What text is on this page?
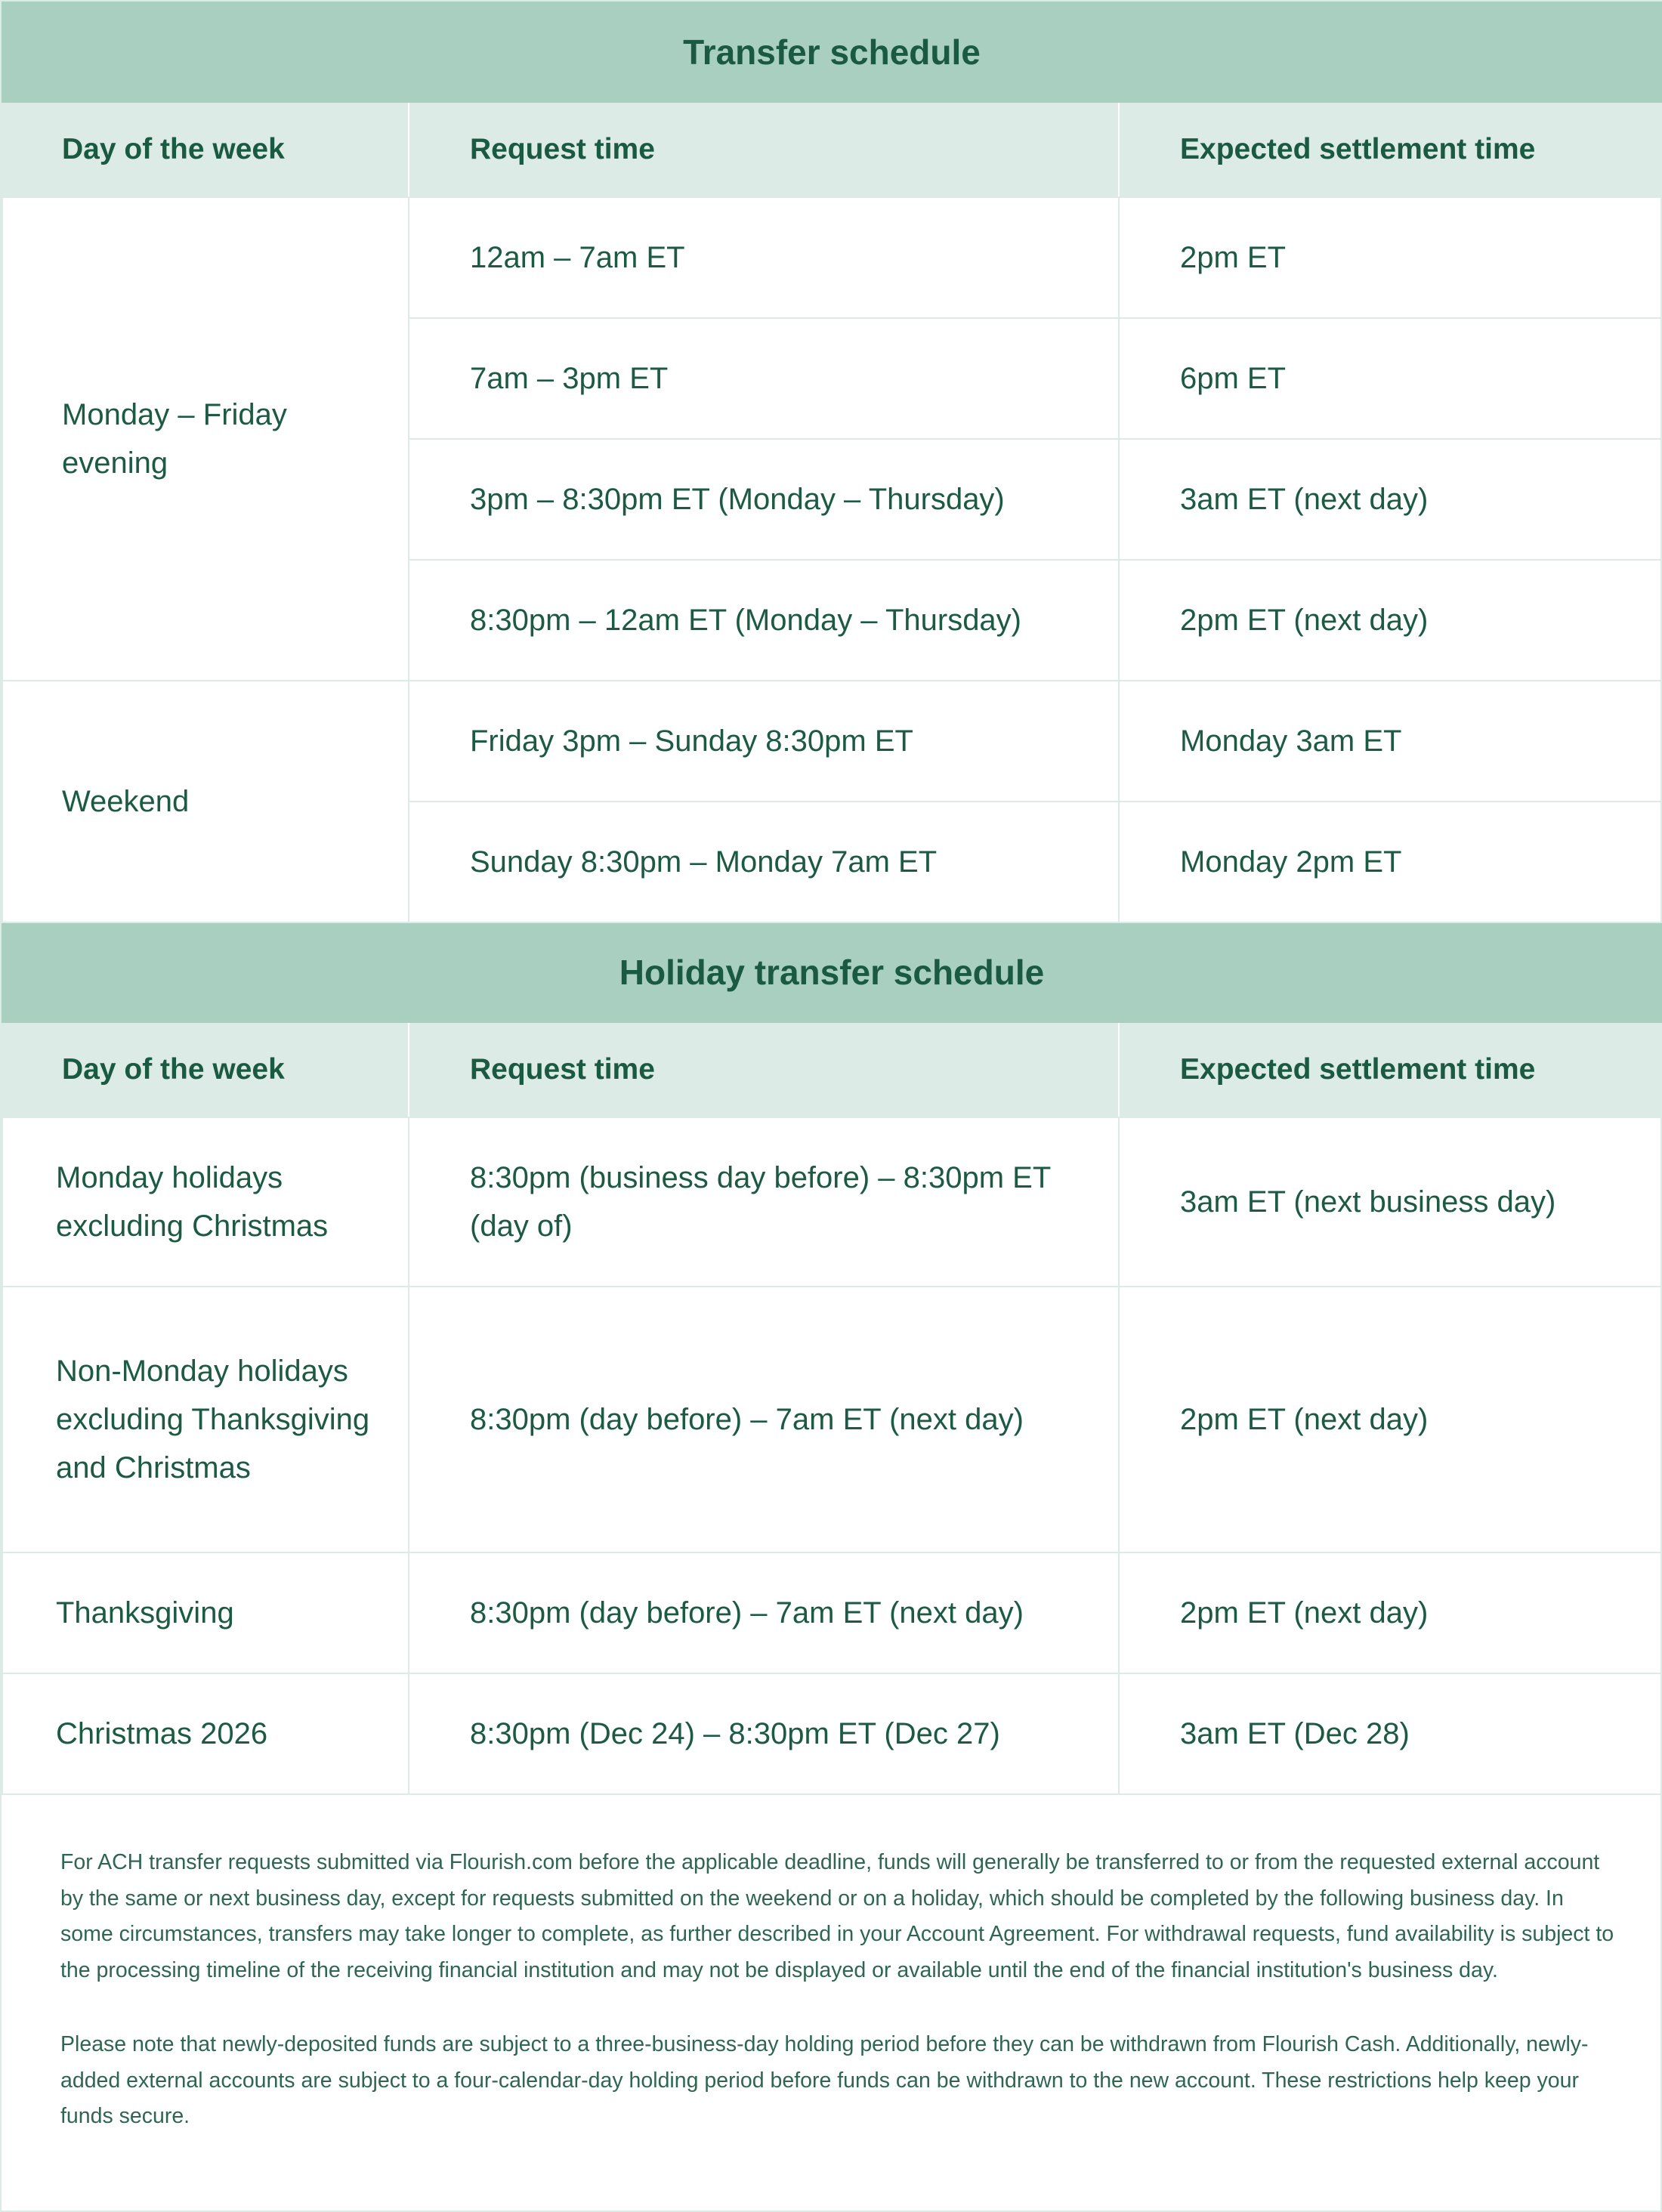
Transfer schedule		
Day of the week	Request time	Expected settlement time
Monday – Friday evening	12am – 7am ET	2pm ET
	7am – 3pm ET	6pm ET
	3pm – 8:30pm ET (Monday – Thursday)	3am ET (next day)
	8:30pm – 12am ET (Monday – Thursday)	2pm ET (next day)
Weekend	Friday 3pm – Sunday 8:30pm ET	Monday 3am ET
	Sunday 8:30pm – Monday 7am ET	Monday 2pm ET
Holiday transfer schedule		
Day of the week	Request time	Expected settlement time
Monday holidays excluding Christmas	8:30pm (business day before) – 8:30pm ET (day of)	3am ET (next business day)
Non-Monday holidays excluding Thanksgiving and Christmas	8:30pm (day before) – 7am ET (next day)	2pm ET (next day)
Thanksgiving	8:30pm (day before) – 7am ET (next day)	2pm ET (next day)
Christmas 2026	8:30pm (Dec 24) – 8:30pm ET (Dec 27)	3am ET (Dec 28)

For ACH transfer requests submitted via Flourish.com before the applicable deadline, funds will generally be transferred to or from the requested external account by the same or next business day, except for requests submitted on the weekend or on a holiday, which should be completed by the following business day. In some circumstances, transfers may take longer to complete, as further described in your Account Agreement. For withdrawal requests, fund availability is subject to the processing timeline of the receiving financial institution and may not be displayed or available until the end of the financial institution's business day.

Please note that newly-deposited funds are subject to a three-business-day holding period before they can be withdrawn from Flourish Cash. Additionally, newly-added external accounts are subject to a four-calendar-day holding period before funds can be withdrawn to the new account. These restrictions help keep your funds secure.
